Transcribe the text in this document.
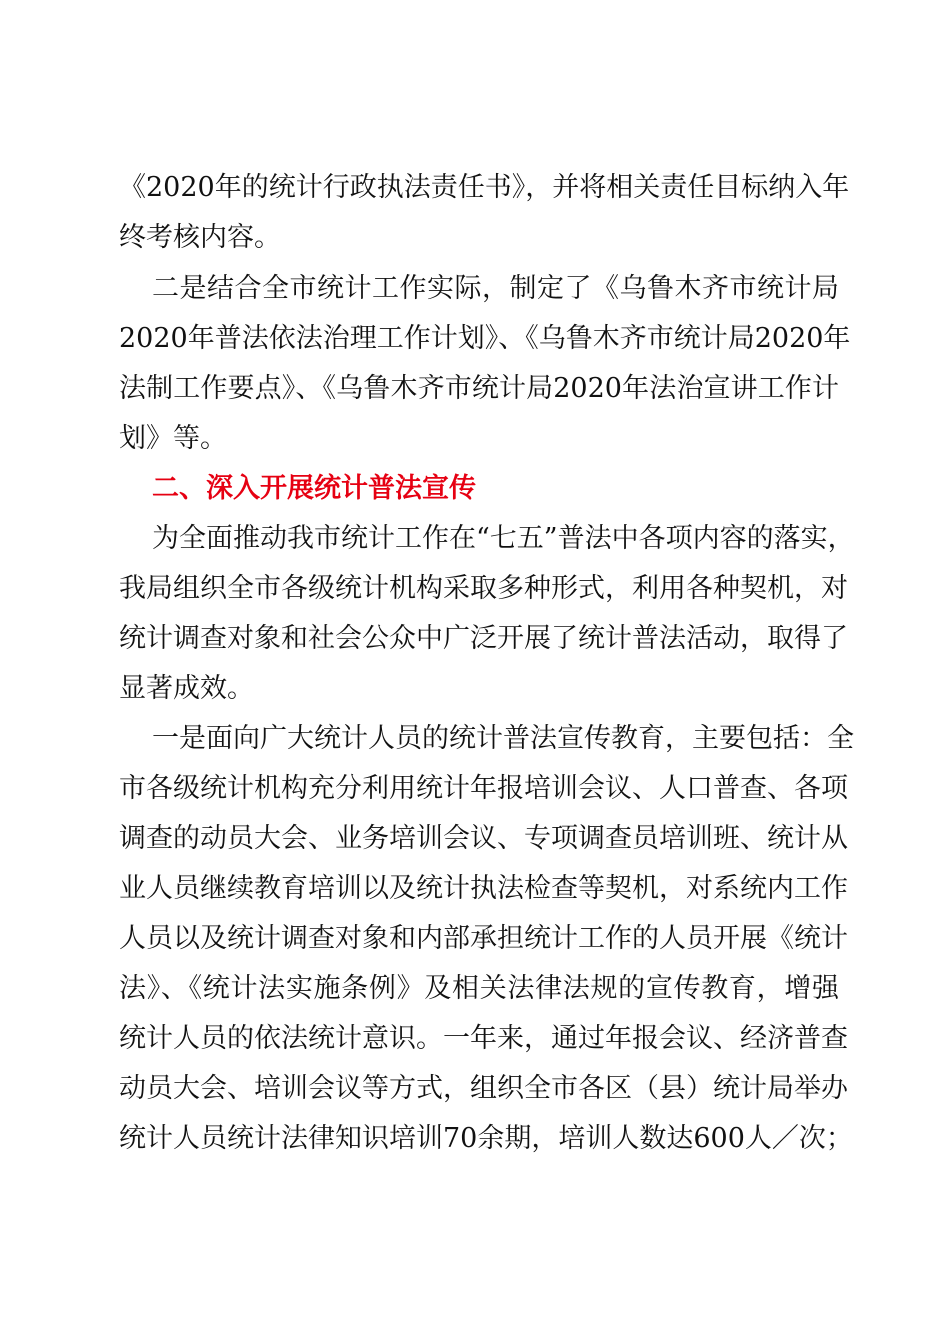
《2020年的统计行政执法责任书》，并将相关责任目标纳入年
终考核内容。
二是结合全市统计工作实际，制定了《乌鲁木齐市统计局
2020年普法依法治理工作计划》、《乌鲁木齐市统计局2020年
法制工作要点》、《乌鲁木齐市统计局2020年法治宣讲工作计
划》等。
二、深入开展统计普法宣传
为全面推动我市统计工作在“七五”普法中各项内容的落实，
我局组织全市各级统计机构采取多种形式，利用各种契机，对
统计调查对象和社会公众中广泛开展了统计普法活动，取得了
显著成效。
一是面向广大统计人员的统计普法宣传教育，主要包括：全
市各级统计机构充分利用统计年报培训会议、人口普查、各项
调查的动员大会、业务培训会议、专项调查员培训班、统计从
业人员继续教育培训以及统计执法检查等契机，对系统内工作
人员以及统计调查对象和内部承担统计工作的人员开展《统计
法》、《统计法实施条例》及相关法律法规的宣传教育，增强
统计人员的依法统计意识。一年来，通过年报会议、经济普查
动员大会、培训会议等方式，组织全市各区（县）统计局举办
统计人员统计法律知识培训70余期，培训人数达600人／次；
